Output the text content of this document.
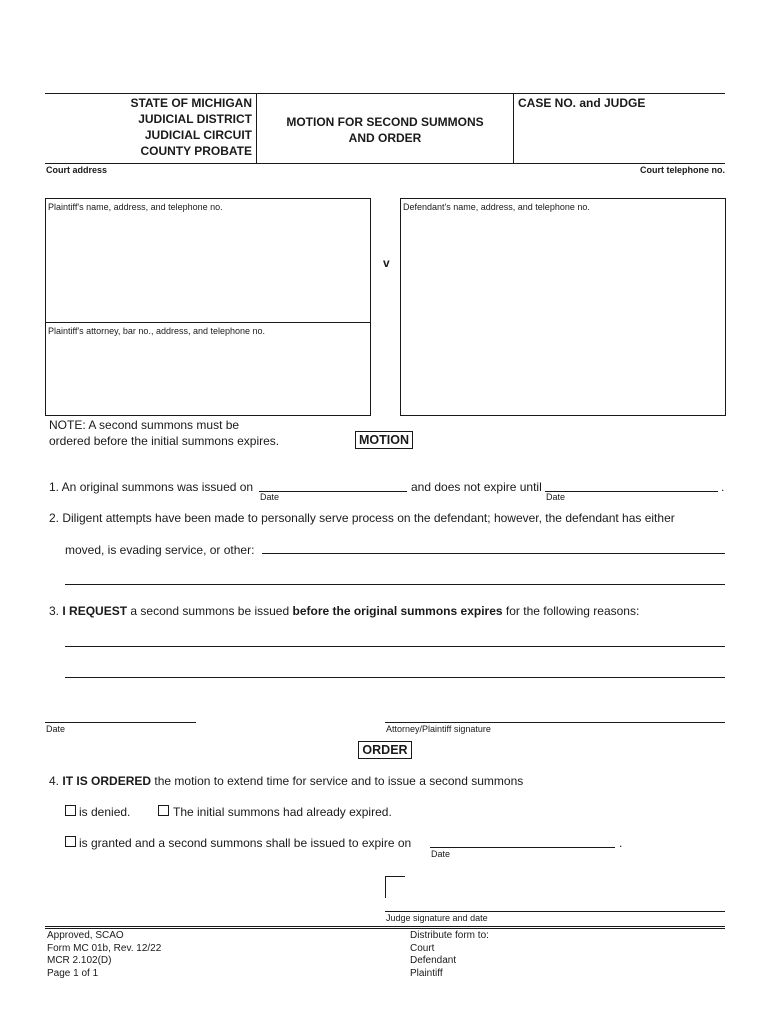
STATE OF MICHIGAN
JUDICIAL DISTRICT
JUDICIAL CIRCUIT
COUNTY PROBATE
MOTION FOR SECOND SUMMONS
AND ORDER
CASE NO. and JUDGE
Court address	Court telephone no.
Plaintiff's name, address, and telephone no.
Plaintiff's attorney, bar no., address, and telephone no.
v
Defendant's name, address, and telephone no.
NOTE: A second summons must be
ordered before the initial summons expires.	MOTION
1. An original summons was issued on
Date
and does not expire until
Date
.
2. Diligent attempts have been made to personally serve process on the defendant; however, the defendant has either
moved, is evading service, or other:
3. I REQUEST a second summons be issued before the original summons expires for the following reasons:
Date	Attorney/Plaintiff signature
ORDER
4. IT IS ORDERED the motion to extend time for service and to issue a second summons
is denied.	The initial summons had already expired.
is granted and a second summons shall be issued to expire on
Date
.
Judge signature and date
Approved, SCAO
Form MC 01b, Rev. 12/22
MCR 2.102(D)
Page 1 of 1
Distribute form to:
Court
Defendant
Plaintiff
